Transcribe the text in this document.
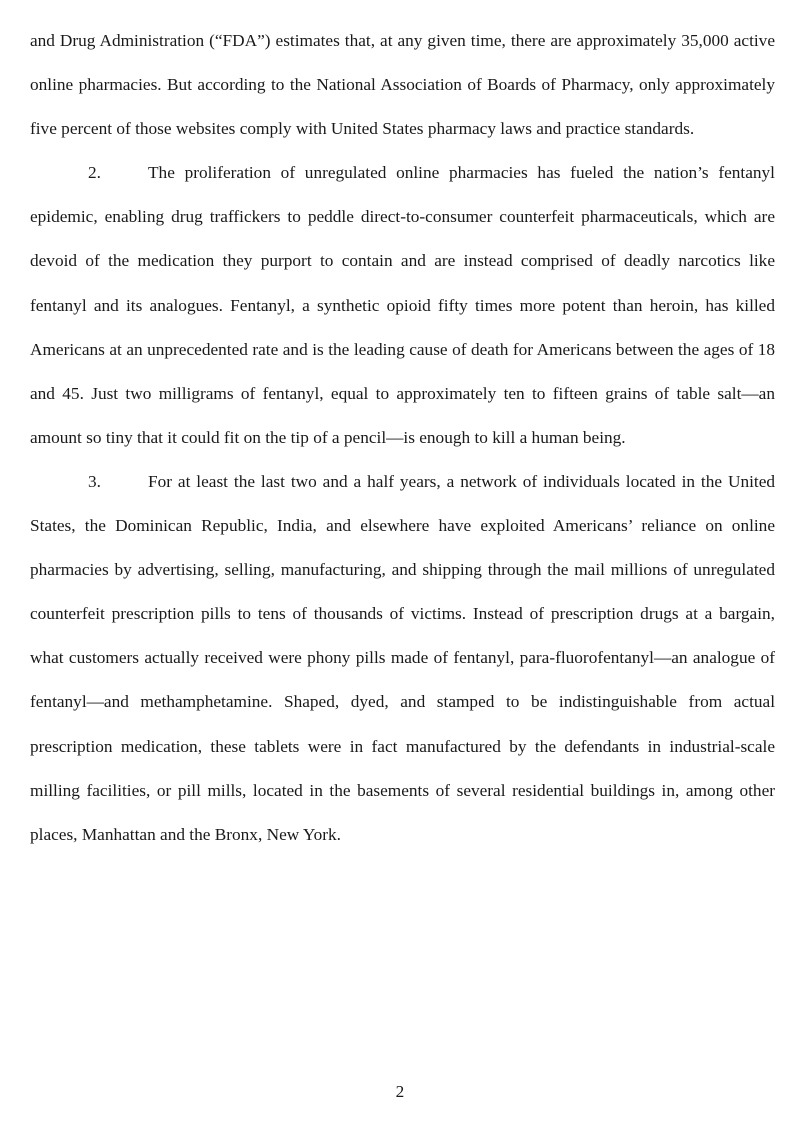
and Drug Administration (“FDA”) estimates that, at any given time, there are approximately 35,000 active online pharmacies. But according to the National Association of Boards of Pharmacy, only approximately five percent of those websites comply with United States pharmacy laws and practice standards.

2.	The proliferation of unregulated online pharmacies has fueled the nation’s fentanyl epidemic, enabling drug traffickers to peddle direct-to-consumer counterfeit pharmaceuticals, which are devoid of the medication they purport to contain and are instead comprised of deadly narcotics like fentanyl and its analogues. Fentanyl, a synthetic opioid fifty times more potent than heroin, has killed Americans at an unprecedented rate and is the leading cause of death for Americans between the ages of 18 and 45. Just two milligrams of fentanyl, equal to approximately ten to fifteen grains of table salt—an amount so tiny that it could fit on the tip of a pencil—is enough to kill a human being.

3.	For at least the last two and a half years, a network of individuals located in the United States, the Dominican Republic, India, and elsewhere have exploited Americans’ reliance on online pharmacies by advertising, selling, manufacturing, and shipping through the mail millions of unregulated counterfeit prescription pills to tens of thousands of victims. Instead of prescription drugs at a bargain, what customers actually received were phony pills made of fentanyl, para-fluorofentanyl—an analogue of fentanyl—and methamphetamine. Shaped, dyed, and stamped to be indistinguishable from actual prescription medication, these tablets were in fact manufactured by the defendants in industrial-scale milling facilities, or pill mills, located in the basements of several residential buildings in, among other places, Manhattan and the Bronx, New York.

2
